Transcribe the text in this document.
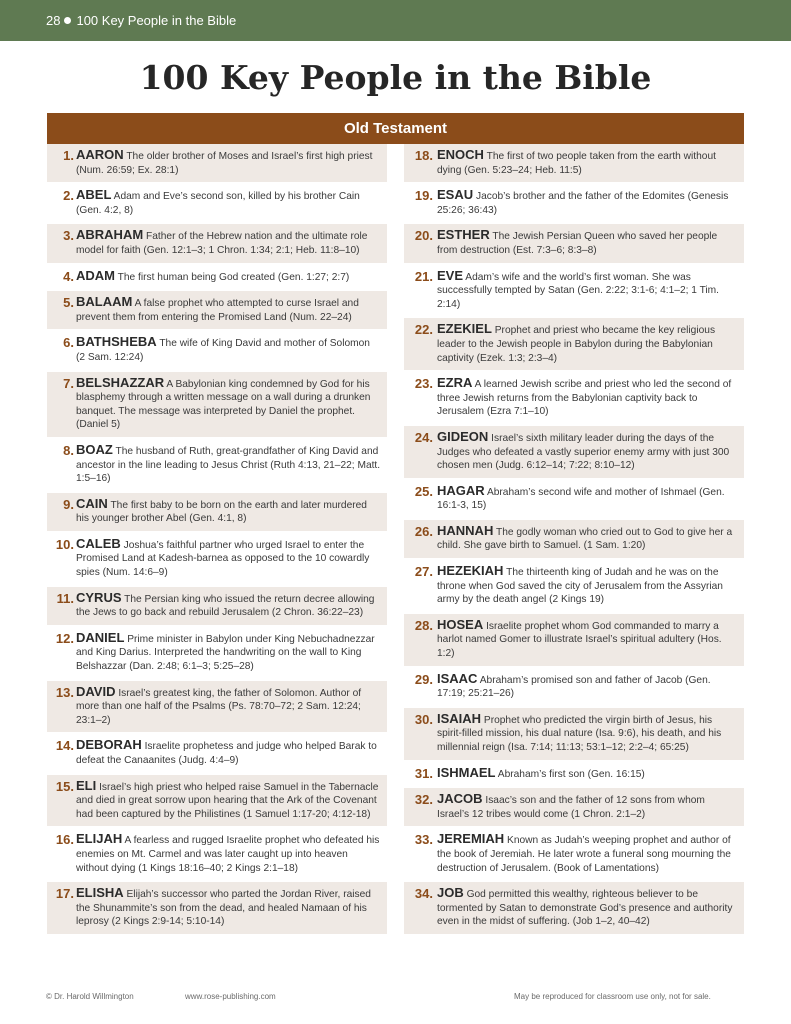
28 100 Key People in the Bible
100 Key People in the Bible
Old Testament
1. AARON The older brother of Moses and Israel’s first high priest (Num. 26:59; Ex. 28:1)
2. ABEL Adam and Eve’s second son, killed by his brother Cain (Gen. 4:2, 8)
3. ABRAHAM Father of the Hebrew nation and the ultimate role model for faith (Gen. 12:1–3; 1 Chron. 1:34; 2:1; Heb. 11:8–10)
4. ADAM The first human being God created (Gen. 1:27; 2:7)
5. BALAAM A false prophet who attempted to curse Israel and prevent them from entering the Promised Land (Num. 22–24)
6. BATHSHEBA The wife of King David and mother of Solomon (2 Sam. 12:24)
7. BELSHAZZAR A Babylonian king condemned by God for his blasphemy through a written message on a wall during a drunken banquet. The message was interpreted by Daniel the prophet. (Daniel 5)
8. BOAZ The husband of Ruth, great-grandfather of King David and ancestor in the line leading to Jesus Christ (Ruth 4:13, 21–22; Matt. 1:5–16)
9. CAIN The first baby to be born on the earth and later murdered his younger brother Abel (Gen. 4:1, 8)
10. CALEB Joshua’s faithful partner who urged Israel to enter the Promised Land at Kadesh-barnea as opposed to the 10 cowardly spies (Num. 14:6–9)
11. CYRUS The Persian king who issued the return decree allowing the Jews to go back and rebuild Jerusalem (2 Chron. 36:22–23)
12. DANIEL Prime minister in Babylon under King Nebuchadnezzar and King Darius. Interpreted the handwriting on the wall to King Belshazzar (Dan. 2:48; 6:1–3; 5:25–28)
13. DAVID Israel’s greatest king, the father of Solomon. Author of more than one half of the Psalms (Ps. 78:70–72; 2 Sam. 12:24; 23:1–2)
14. DEBORAH Israelite prophetess and judge who helped Barak to defeat the Canaanites (Judg. 4:4–9)
15. ELI Israel’s high priest who helped raise Samuel in the Tabernacle and died in great sorrow upon hearing that the Ark of the Covenant had been captured by the Philistines (1 Samuel 1:17-20; 4:12-18)
16. ELIJAH A fearless and rugged Israelite prophet who defeated his enemies on Mt. Carmel and was later caught up into heaven without dying (1 Kings 18:16–40; 2 Kings 2:1–18)
17. ELISHA Elijah’s successor who parted the Jordan River, raised the Shunammite’s son from the dead, and healed Namaan of his leprosy (2 Kings 2:9-14; 5:10-14)
18. ENOCH The first of two people taken from the earth without dying (Gen. 5:23–24; Heb. 11:5)
19. ESAU Jacob’s brother and the father of the Edomites (Genesis 25:26; 36:43)
20. ESTHER The Jewish Persian Queen who saved her people from destruction (Est. 7:3–6; 8:3–8)
21. EVE Adam’s wife and the world’s first woman. She was successfully tempted by Satan (Gen. 2:22; 3:1-6; 4:1–2; 1 Tim. 2:14)
22. EZEKIEL Prophet and priest who became the key religious leader to the Jewish people in Babylon during the Babylonian captivity (Ezek. 1:3; 2:3–4)
23. EZRA A learned Jewish scribe and priest who led the second of three Jewish returns from the Babylonian captivity back to Jerusalem (Ezra 7:1–10)
24. GIDEON Israel’s sixth military leader during the days of the Judges who defeated a vastly superior enemy army with just 300 chosen men (Judg. 6:12–14; 7:22; 8:10–12)
25. HAGAR Abraham’s second wife and mother of Ishmael (Gen. 16:1-3, 15)
26. HANNAH The godly woman who cried out to God to give her a child. She gave birth to Samuel. (1 Sam. 1:20)
27. HEZEKIAH The thirteenth king of Judah and he was on the throne when God saved the city of Jerusalem from the Assyrian army by the death angel (2 Kings 19)
28. HOSEA Israelite prophet whom God commanded to marry a harlot named Gomer to illustrate Israel’s spiritual adultery (Hos. 1:2)
29. ISAAC Abraham’s promised son and father of Jacob (Gen. 17:19; 25:21–26)
30. ISAIAH Prophet who predicted the virgin birth of Jesus, his spirit-filled mission, his dual nature (Isa. 9:6), his death, and his millennial reign (Isa. 7:14; 11:13; 53:1–12; 2:2–4; 65:25)
31. ISHMAEL Abraham’s first son (Gen. 16:15)
32. JACOB Isaac’s son and the father of 12 sons from whom Israel’s 12 tribes would come (1 Chron. 2:1–2)
33. JEREMIAH Known as Judah’s weeping prophet and author of the book of Jeremiah. He later wrote a funeral song mourning the destruction of Jerusalem. (Book of Lamentations)
34. JOB God permitted this wealthy, righteous believer to be tormented by Satan to demonstrate God’s presence and authority even in the midst of suffering. (Job 1–2, 40–42)
© Dr. Harold Willmington	www.rose-publishing.com	May be reproduced for classroom use only, not for sale.
